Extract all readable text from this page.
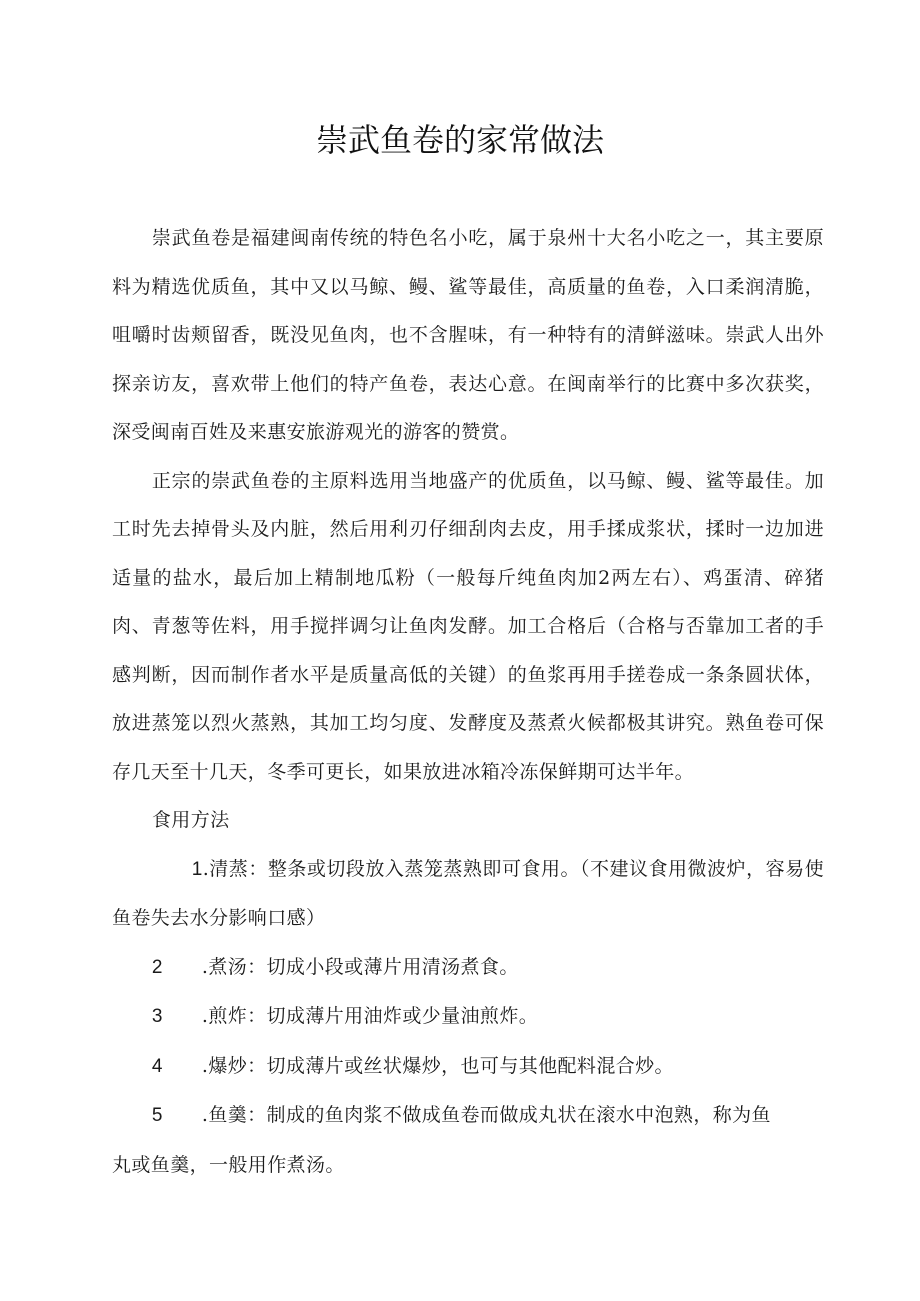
崇武鱼卷的家常做法

崇武鱼卷是福建闽南传统的特色名小吃，属于泉州十大名小吃之一，其主要原料为精选优质鱼，其中又以马鲸、鳗、鲨等最佳，高质量的鱼卷，入口柔润清脆，咀嚼时齿颊留香，既没见鱼肉，也不含腥味，有一种特有的清鲜滋味。崇武人出外探亲访友，喜欢带上他们的特产鱼卷，表达心意。在闽南举行的比赛中多次获奖，深受闽南百姓及来惠安旅游观光的游客的赞赏。

正宗的崇武鱼卷的主原料选用当地盛产的优质鱼，以马鲸、鳗、鲨等最佳。加工时先去掉骨头及内脏，然后用利刃仔细刮肉去皮，用手揉成浆状，揉时一边加进适量的盐水，最后加上精制地瓜粉（一般每斤纯鱼肉加2两左右）、鸡蛋清、碎猪肉、青葱等佐料，用手搅拌调匀让鱼肉发酵。加工合格后（合格与否靠加工者的手感判断，因而制作者水平是质量高低的关键）的鱼浆再用手搓卷成一条条圆状体，放进蒸笼以烈火蒸熟，其加工均匀度、发酵度及蒸煮火候都极其讲究。熟鱼卷可保存几天至十几天，冬季可更长，如果放进冰箱冷冻保鲜期可达半年。

食用方法

1.清蒸：整条或切段放入蒸笼蒸熟即可食用。（不建议食用微波炉，容易使鱼卷失去水分影响口感）

2 .煮汤：切成小段或薄片用清汤煮食。

3 .煎炸：切成薄片用油炸或少量油煎炸。

4 .爆炒：切成薄片或丝状爆炒，也可与其他配料混合炒。

5 .鱼羹：制成的鱼肉浆不做成鱼卷而做成丸状在滚水中泡熟，称为鱼

丸或鱼羹，一般用作煮汤。
